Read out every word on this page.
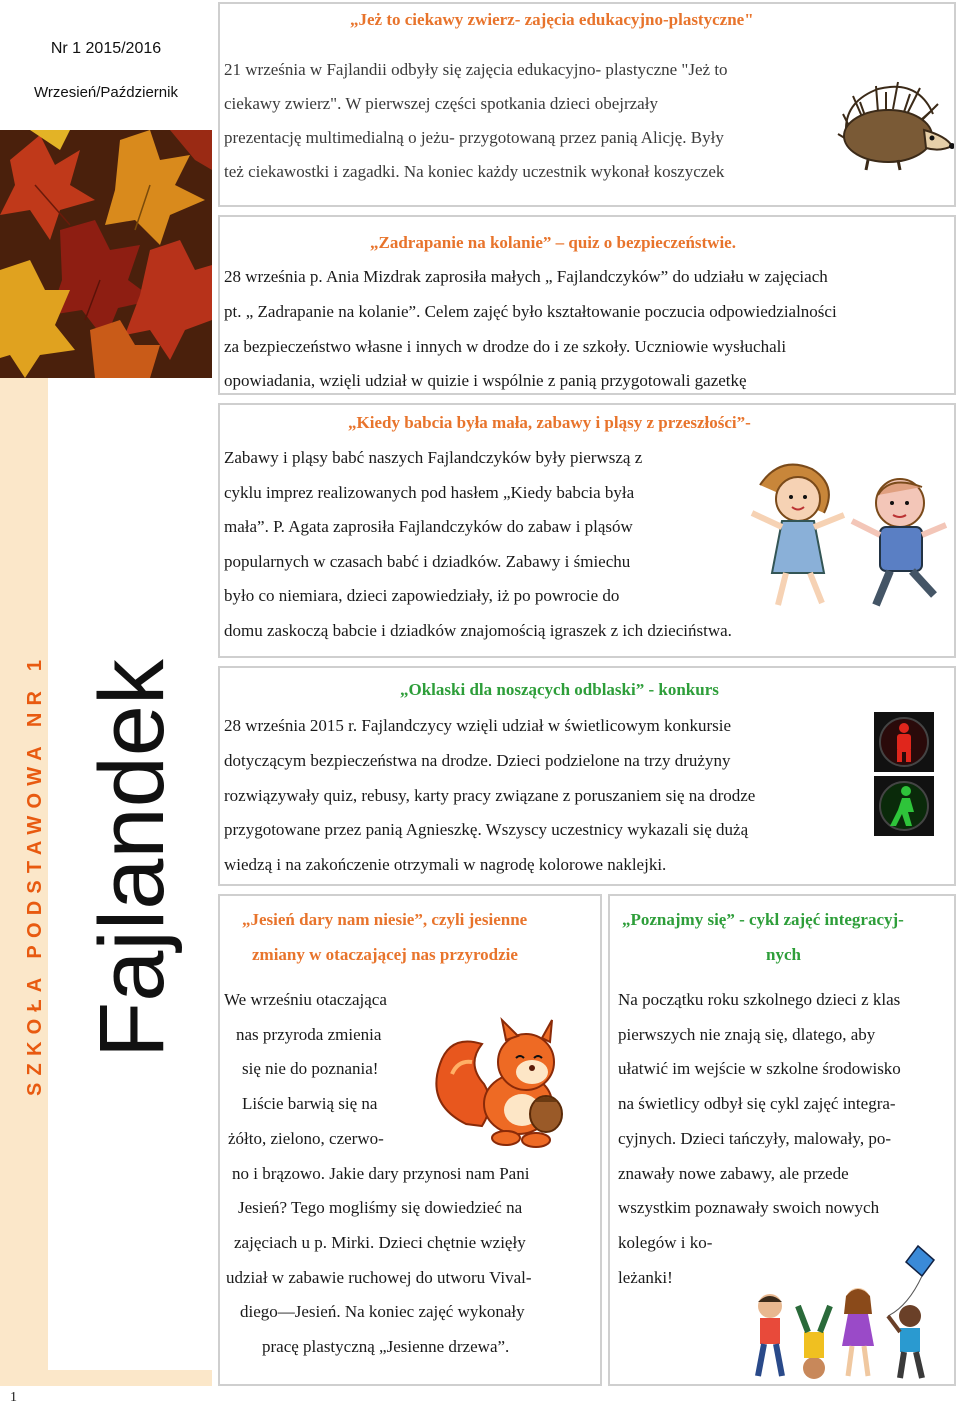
Nr 1 2015/2016
Wrzesień/Październik
SZKOŁA PODSTAWOWA NR 1 Fajlandek
1
„Jeż to ciekawy zwierz- zajęcia edukacyjno-plastyczne"
21 września w Fajlandii odbyły się zajęcia edukacyjno- plastyczne "Jeż to
ciekawy zwierz". W pierwszej części spotkania dzieci obejrzały
prezentację multimedialną o jeżu- przygotowaną przez panią Alicję. Były
też ciekawostki i zagadki. Na koniec każdy uczestnik wykonał koszyczek
„Zadrapanie na kolanie” – quiz o bezpieczeństwie.
28 września p. Ania Mizdrak zaprosiła małych „ Fajlandczyków” do udziału w zajęciach
pt. „ Zadrapanie na kolanie”. Celem zajęć było kształtowanie poczucia odpowiedzialności
za bezpieczeństwo własne i innych w drodze do i ze szkoły. Uczniowie wysłuchali
opowiadania, wzięli udział w quizie i wspólnie z panią przygotowali gazetkę
„Kiedy babcia była mała, zabawy i pląsy z przeszłości”-
Zabawy i pląsy babć naszych Fajlandczyków były pierwszą z
cyklu imprez realizowanych pod hasłem „Kiedy babcia była
mała”. P. Agata zaprosiła Fajlandczyków do zabaw i pląsów
popularnych w czasach babć i dziadków. Zabawy i śmiechu
było co niemiara, dzieci zapowiedziały, iż po powrocie do
domu zaskoczą babcie i dziadków znajomością igraszek z ich dzieciństwa.
„Oklaski dla noszących odblaski” - konkurs
28 września 2015 r. Fajlandczycy wzięli udział w świetlicowym konkursie
dotyczącym bezpieczeństwa na drodze. Dzieci podzielone na trzy drużyny
rozwiązywały quiz, rebusy, karty pracy związane z poruszaniem się na drodze
przygotowane przez panią Agnieszkę. Wszyscy uczestnicy wykazali się dużą
wiedzą i na zakończenie otrzymali w nagrodę kolorowe naklejki.
„Jesień dary nam niesie”, czyli jesienne
zmiany w otaczającej nas przyrodzie
We wrześniu otaczająca
nas przyroda zmienia
się nie do poznania!
Liście barwią się na
żółto, zielono, czerwo-
no i brązowo. Jakie dary przynosi nam Pani
Jesień? Tego mogliśmy się dowiedzieć na
zajęciach u p. Mirki. Dzieci chętnie wzięły
udział w zabawie ruchowej do utworu Vival-
diego—Jesień. Na koniec zajęć wykonały
pracę plastyczną „Jesienne drzewa”.
„Poznajmy się” - cykl zajęć integracyj-
nych
Na początku roku szkolnego dzieci z klas
pierwszych nie znają się, dlatego, aby
ułatwić im wejście w szkolne środowisko
na świetlicy odbył się cykl zajęć integra-
cyjnych. Dzieci tańczyły, malowały, po-
znawały nowe zabawy, ale przede
wszystkim poznawały swoich nowych
kolegów i ko-
leżanki!
